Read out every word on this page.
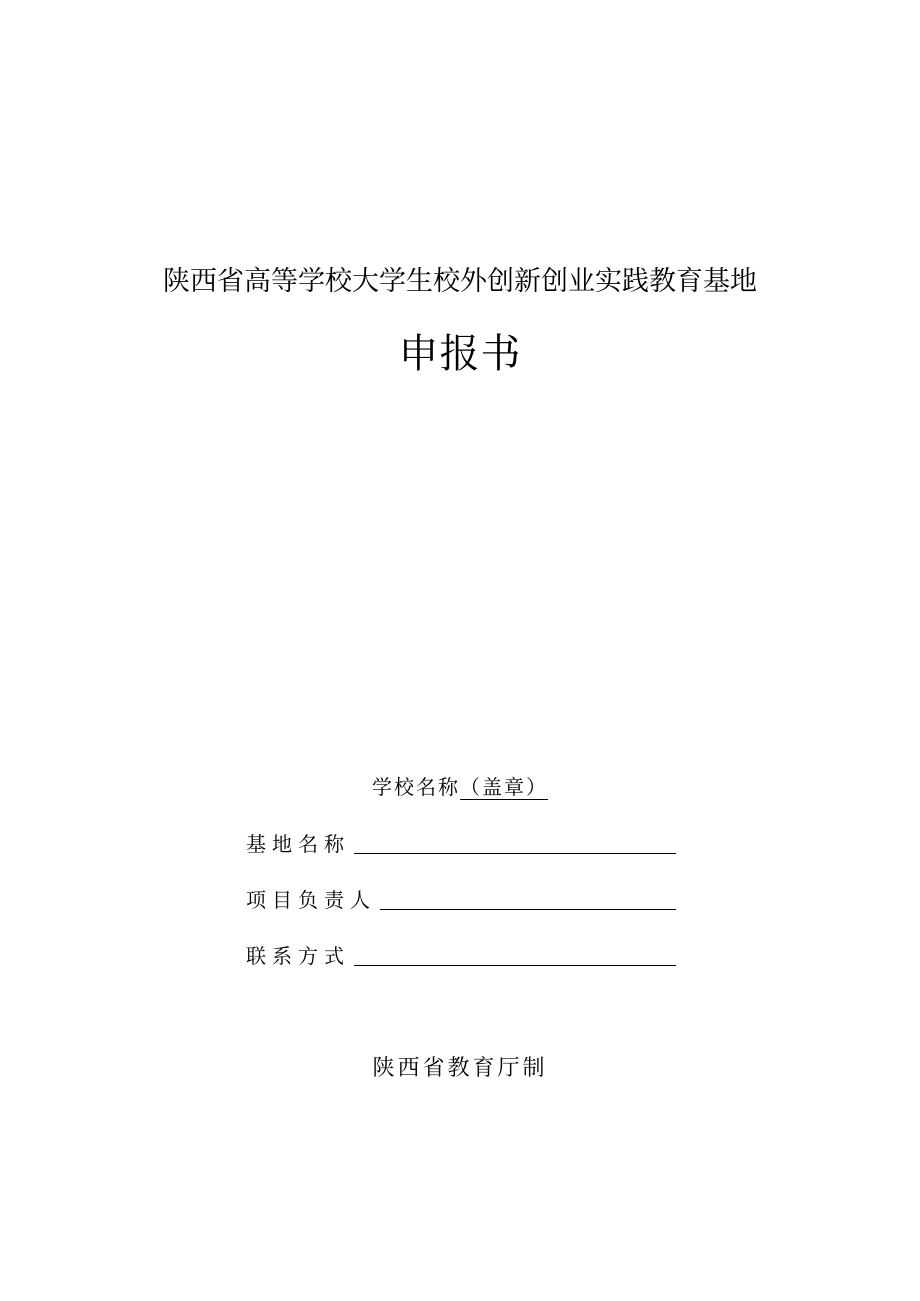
陕西省高等学校大学生校外创新创业实践教育基地
申报书
学校名称（盖章）
基地名称
项目负责人
联系方式
陕西省教育厅制
